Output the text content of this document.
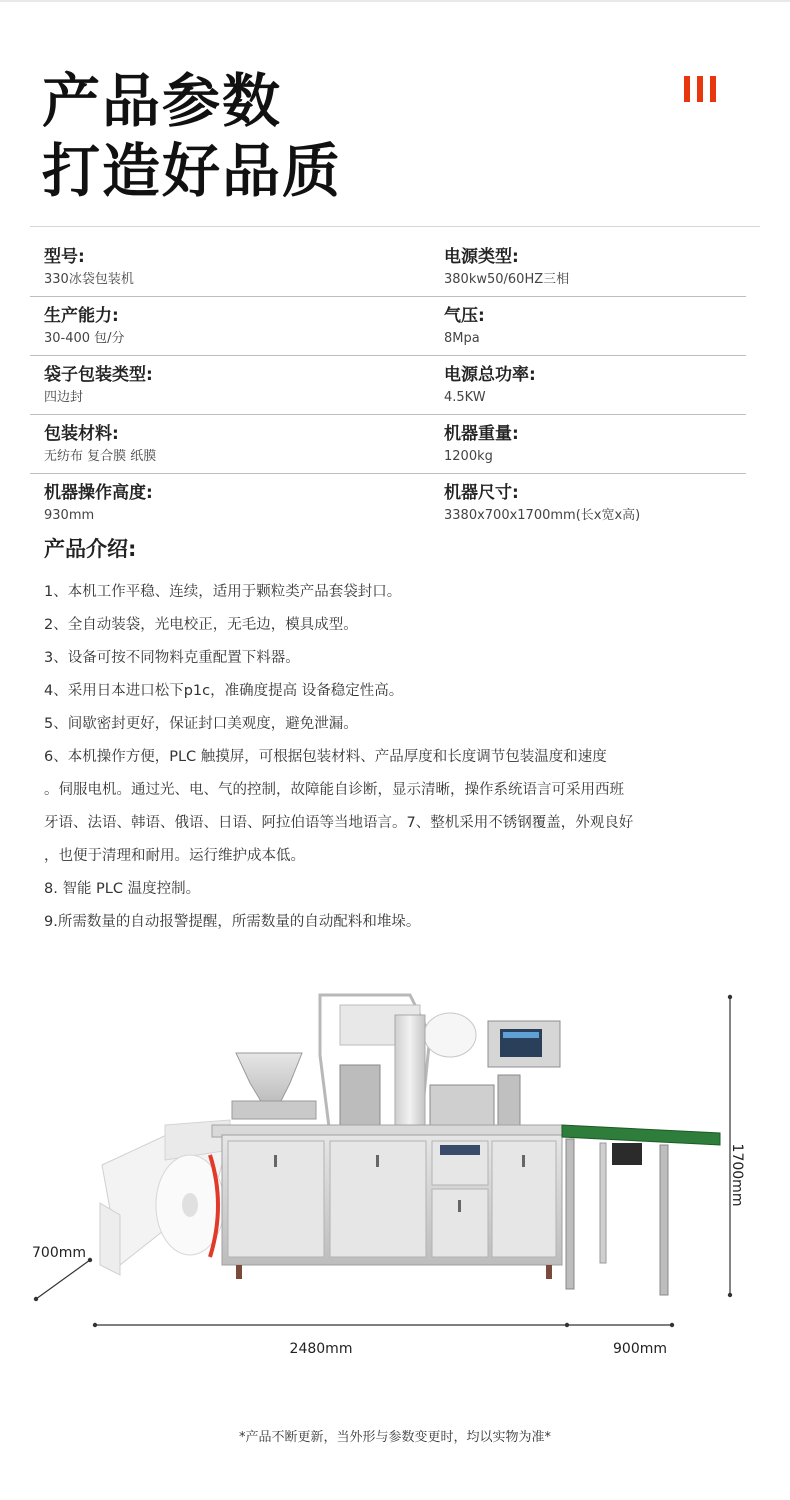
产品参数
打造好品质
型号:
330冰袋包装机
电源类型:
380kw50/60HZ三相
生产能力:
30-400 包/分
气压:
8Mpa
袋子包装类型:
四边封
电源总功率:
4.5KW
包装材料:
无纺布 复合膜 纸膜
机器重量:
1200kg
机器操作高度:
930mm
机器尺寸:
3380x700x1700mm(长x宽x高)
产品介绍:

1、本机工作平稳、连续，适用于颗粒类产品套袋封口。

2、全自动装袋，光电校正，无毛边，模具成型。

3、设备可按不同物料克重配置下料器。

4、采用日本进口松下p1c，准确度提高 设备稳定性高。

5、间歇密封更好，保证封口美观度，避免泄漏。

6、本机操作方便，PLC 触摸屏，可根据包装材料、产品厚度和长度调节包装温度和速度

。伺服电机。通过光、电、气的控制，故障能自诊断，显示清晰，操作系统语言可采用西班

牙语、法语、韩语、俄语、日语、阿拉伯语等当地语言。7、整机采用不锈钢覆盖，外观良好

，也便于清理和耐用。运行维护成本低。

8. 智能 PLC 温度控制。

9.所需数量的自动报警提醒，所需数量的自动配料和堆垛。

1700mm
700mm
2480mm	900mm
*产品不断更新，当外形与参数变更时，均以实物为准*
